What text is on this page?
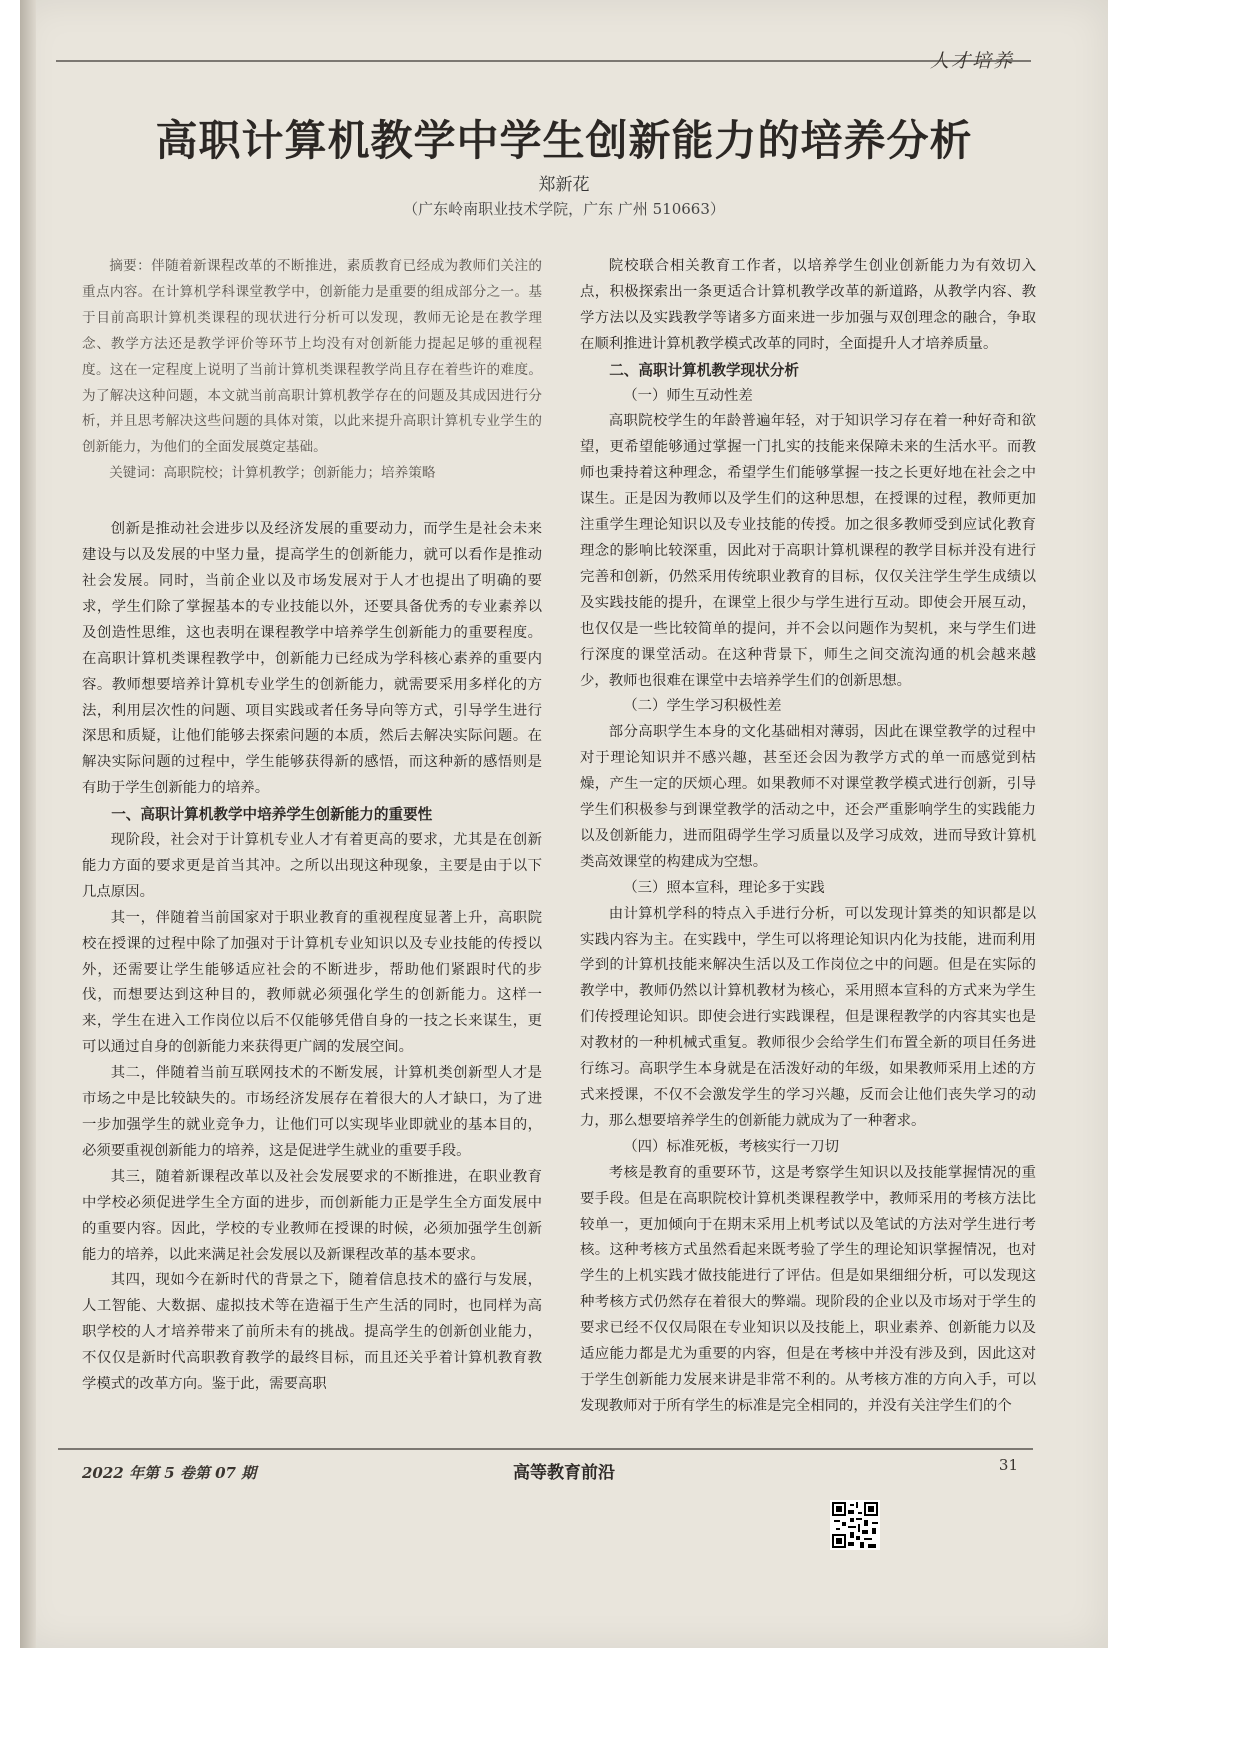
人才培养
高职计算机教学中学生创新能力的培养分析
郑新花
（广东岭南职业技术学院，广东 广州 510663）

摘要：伴随着新课程改革的不断推进，素质教育已经成为教师们关注的重点内容。在计算机学科课堂教学中，创新能力是重要的组成部分之一。基于目前高职计算机类课程的现状进行分析可以发现，教师无论是在教学理念、教学方法还是教学评价等环节上均没有对创新能力提起足够的重视程度。这在一定程度上说明了当前计算机类课程教学尚且存在着些许的难度。为了解决这种问题，本文就当前高职计算机教学存在的问题及其成因进行分析，并且思考解决这些问题的具体对策，以此来提升高职计算机专业学生的创新能力，为他们的全面发展奠定基础。

关键词：高职院校；计算机教学；创新能力；培养策略

创新是推动社会进步以及经济发展的重要动力，而学生是社会未来建设与以及发展的中坚力量，提高学生的创新能力，就可以看作是推动社会发展。同时，当前企业以及市场发展对于人才也提出了明确的要求，学生们除了掌握基本的专业技能以外，还要具备优秀的专业素养以及创造性思维，这也表明在课程教学中培养学生创新能力的重要程度。在高职计算机类课程教学中，创新能力已经成为学科核心素养的重要内容。教师想要培养计算机专业学生的创新能力，就需要采用多样化的方法，利用层次性的问题、项目实践或者任务导向等方式，引导学生进行深思和质疑，让他们能够去探索问题的本质，然后去解决实际问题。在解决实际问题的过程中，学生能够获得新的感悟，而这种新的感悟则是有助于学生创新能力的培养。

一、高职计算机教学中培养学生创新能力的重要性

现阶段，社会对于计算机专业人才有着更高的要求，尤其是在创新能力方面的要求更是首当其冲。之所以出现这种现象，主要是由于以下几点原因。

其一，伴随着当前国家对于职业教育的重视程度显著上升，高职院校在授课的过程中除了加强对于计算机专业知识以及专业技能的传授以外，还需要让学生能够适应社会的不断进步，帮助他们紧跟时代的步伐，而想要达到这种目的，教师就必须强化学生的创新能力。这样一来，学生在进入工作岗位以后不仅能够凭借自身的一技之长来谋生，更可以通过自身的创新能力来获得更广阔的发展空间。

其二，伴随着当前互联网技术的不断发展，计算机类创新型人才是市场之中是比较缺失的。市场经济发展存在着很大的人才缺口，为了进一步加强学生的就业竞争力，让他们可以实现毕业即就业的基本目的，必须要重视创新能力的培养，这是促进学生就业的重要手段。

其三，随着新课程改革以及社会发展要求的不断推进，在职业教育中学校必须促进学生全方面的进步，而创新能力正是学生全方面发展中的重要内容。因此，学校的专业教师在授课的时候，必须加强学生创新能力的培养，以此来满足社会发展以及新课程改革的基本要求。

其四，现如今在新时代的背景之下，随着信息技术的盛行与发展，人工智能、大数据、虚拟技术等在造福于生产生活的同时，也同样为高职学校的人才培养带来了前所未有的挑战。提高学生的创新创业能力，不仅仅是新时代高职教育教学的最终目标，而且还关乎着计算机教育教学模式的改革方向。鉴于此，需要高职

院校联合相关教育工作者，以培养学生创业创新能力为有效切入点，积极探索出一条更适合计算机教学改革的新道路，从教学内容、教学方法以及实践教学等诸多方面来进一步加强与双创理念的融合，争取在顺利推进计算机教学模式改革的同时，全面提升人才培养质量。

二、高职计算机教学现状分析
（一）师生互动性差

高职院校学生的年龄普遍年轻，对于知识学习存在着一种好奇和欲望，更希望能够通过掌握一门扎实的技能来保障未来的生活水平。而教师也秉持着这种理念，希望学生们能够掌握一技之长更好地在社会之中谋生。正是因为教师以及学生们的这种思想，在授课的过程，教师更加注重学生理论知识以及专业技能的传授。加之很多教师受到应试化教育理念的影响比较深重，因此对于高职计算机课程的教学目标并没有进行完善和创新，仍然采用传统职业教育的目标，仅仅关注学生学生成绩以及实践技能的提升，在课堂上很少与学生进行互动。即使会开展互动，也仅仅是一些比较简单的提问，并不会以问题作为契机，来与学生们进行深度的课堂活动。在这种背景下，师生之间交流沟通的机会越来越少，教师也很难在课堂中去培养学生们的创新思想。

（二）学生学习积极性差

部分高职学生本身的文化基础相对薄弱，因此在课堂教学的过程中对于理论知识并不感兴趣，甚至还会因为教学方式的单一而感觉到枯燥，产生一定的厌烦心理。如果教师不对课堂教学模式进行创新，引导学生们积极参与到课堂教学的活动之中，还会严重影响学生的实践能力以及创新能力，进而阻碍学生学习质量以及学习成效，进而导致计算机类高效课堂的构建成为空想。

（三）照本宣科，理论多于实践

由计算机学科的特点入手进行分析，可以发现计算类的知识都是以实践内容为主。在实践中，学生可以将理论知识内化为技能，进而利用学到的计算机技能来解决生活以及工作岗位之中的问题。但是在实际的教学中，教师仍然以计算机教材为核心，采用照本宣科的方式来为学生们传授理论知识。即使会进行实践课程，但是课程教学的内容其实也是对教材的一种机械式重复。教师很少会给学生们布置全新的项目任务进行练习。高职学生本身就是在活泼好动的年级，如果教师采用上述的方式来授课，不仅不会激发学生的学习兴趣，反而会让他们丧失学习的动力，那么想要培养学生的创新能力就成为了一种奢求。

（四）标准死板，考核实行一刀切

考核是教育的重要环节，这是考察学生知识以及技能掌握情况的重要手段。但是在高职院校计算机类课程教学中，教师采用的考核方法比较单一，更加倾向于在期末采用上机考试以及笔试的方法对学生进行考核。这种考核方式虽然看起来既考验了学生的理论知识掌握情况，也对学生的上机实践才做技能进行了评估。但是如果细细分析，可以发现这种考核方式仍然存在着很大的弊端。现阶段的企业以及市场对于学生的要求已经不仅仅局限在专业知识以及技能上，职业素养、创新能力以及适应能力都是尤为重要的内容，但是在考核中并没有涉及到，因此这对于学生创新能力发展来讲是非常不利的。从考核方准的方向入手，可以发现教师对于所有学生的标准是完全相同的，并没有关注学生们的个

2022 年第 5 卷第 07 期	高等教育前沿	31
